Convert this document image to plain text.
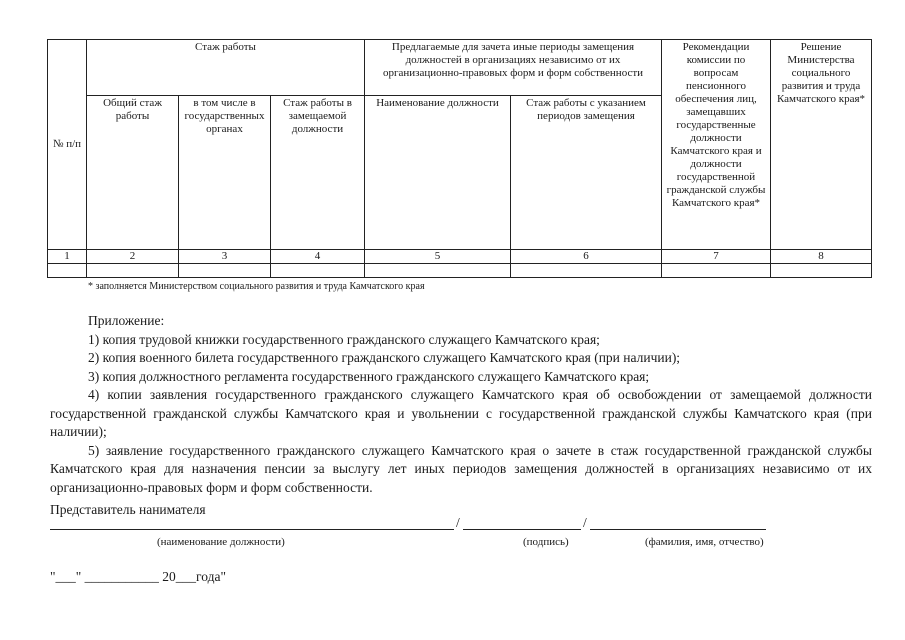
№ п/п	Стаж работы			Предлагаемые для зачета иные периоды замещения должностей в организациях независимо от их организационно-правовых форм и форм собственности		Рекомендации комиссии по вопросам пенсионного обеспечения лиц, замещавших государственные должности Камчатского края и должности государственной гражданской службы Камчатского края*	Решение Министерства социального развития и труда Камчатского края*
	Общий стаж работы	в том числе в государственных органах	Стаж работы в замещаемой должности	Наименование должности	Стаж работы с указанием периодов замещения		
1	2	3	4	5	6	7	8

* заполняется Министерством социального развития и труда Камчатского края
Приложение:

1) копия трудовой книжки государственного гражданского служащего Камчатского края;

2) копия военного билета государственного гражданского служащего Камчатского края (при наличии);

3) копия должностного регламента государственного гражданского служащего Камчатского края;

4) копии заявления государственного гражданского служащего Камчатского края об освобождении от замещаемой должности государственной гражданской службы Камчатского края и увольнении с государственной гражданской службы Камчатского края (при наличии);

5) заявление государственного гражданского служащего Камчатского края о зачете в стаж государственной гражданской службы Камчатского края для назначения пенсии за выслугу лет иных периодов замещения должностей в организациях независимо от их организационно-правовых форм и форм собственности.

Представитель нанимателя
/	/
(наименование должности)	(подпись)	(фамилия, имя, отчество)
"___" ___________ 20___года"
